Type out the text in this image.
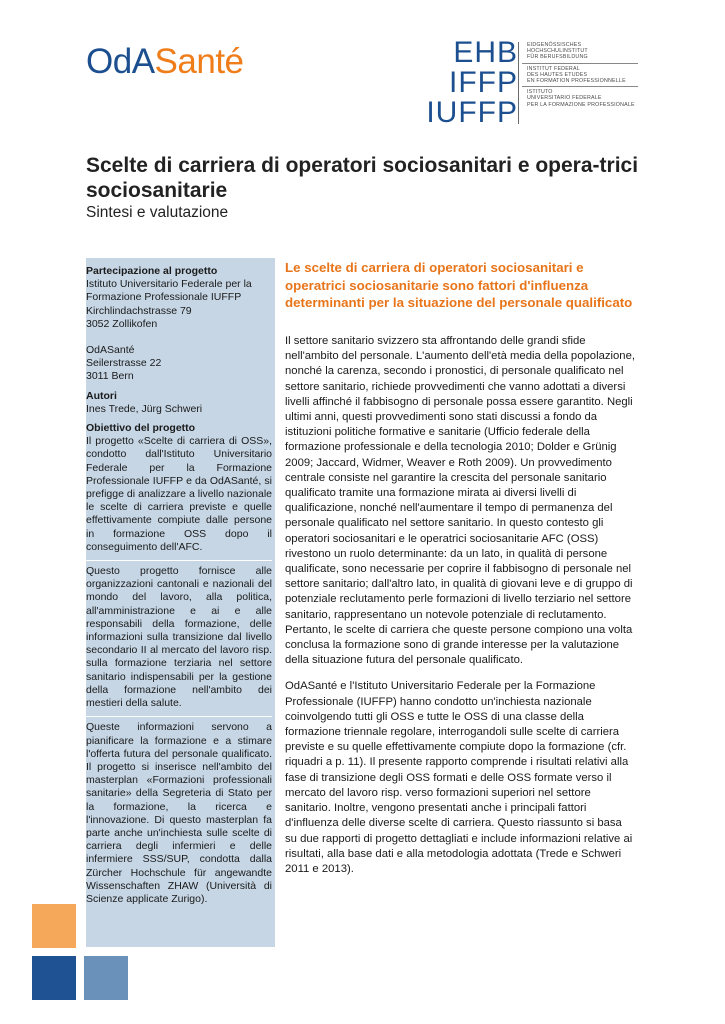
OdASanté	EHB
IFFP
IUFFP
EIDGENÖSSISCHES
HOCHSCHULINSTITUT
FÜR BERUFSBILDUNG
INSTITUT FEDERAL
DES HAUTES ETUDES
EN FORMATION PROFESSIONNELLE
ISTITUTO
UNIVERSITARIO FEDERALE
PER LA FORMAZIONE PROFESSIONALE
Scelte di carriera di operatori sociosanitari e opera-trici sociosanitarie
Sintesi e valutazione

Partecipazione al progetto

Istituto Universitario Federale per la

Formazione Professionale IUFFP

Kirchlindachstrasse 79

3052 Zollikofen

OdASanté

Seilerstrasse 22

3011 Bern

Autori

Ines Trede, Jürg Schweri

Obiettivo del progetto

Il progetto «Scelte di carriera di OSS», condotto dall'Istituto Universitario Federale per la Formazione Professionale IUFFP e da OdASanté, si prefigge di analizzare a livello nazionale le scelte di carriera previste e quelle effettivamente compiute dalle persone in formazione OSS dopo il conseguimento dell'AFC.

Questo progetto fornisce alle organizzazioni cantonali e nazionali del mondo del lavoro, alla politica, all'amministrazione e ai e alle responsabili della formazione, delle informazioni sulla transizione dal livello secondario II al mercato del lavoro risp. sulla formazione terziaria nel settore sanitario indispensabili per la gestione della formazione nell'ambito dei mestieri della salute.

Queste informazioni servono a pianificare la formazione e a stimare l'offerta futura del personale qualificato. Il progetto si inserisce nell'ambito del masterplan «Formazioni professionali sanitarie» della Segreteria di Stato per la formazione, la ricerca e l'innovazione. Di questo masterplan fa parte anche un'inchiesta sulle scelte di carriera degli infermieri e delle infermiere SSS/SUP, condotta dalla Zürcher Hochschule für angewandte Wissenschaften ZHAW (Università di Scienze applicate Zurigo).

Le scelte di carriera di operatori sociosanitari e operatrici sociosanitarie sono fattori d'influenza determinanti per la situazione del personale qualificato

Il settore sanitario svizzero sta affrontando delle grandi sfide nell'ambito del personale. L'aumento dell'età media della popolazione, nonché la carenza, secondo i pronostici, di personale qualificato nel settore sanitario, richiede provvedimenti che vanno adottati a diversi livelli affinché il fabbisogno di personale possa essere garantito. Negli ultimi anni, questi provvedimenti sono stati discussi a fondo da istituzioni politiche formative e sanitarie (Ufficio federale della formazione professionale e della tecnologia 2010; Dolder e Grünig 2009; Jaccard, Widmer, Weaver e Roth 2009). Un provvedimento centrale consiste nel garantire la crescita del personale sanitario qualificato tramite una formazione mirata ai diversi livelli di qualificazione, nonché nell'aumentare il tempo di permanenza del personale qualificato nel settore sanitario. In questo contesto gli operatori sociosanitari e le operatrici sociosanitarie AFC (OSS) rivestono un ruolo determinante: da un lato, in qualità di persone qualificate, sono necessarie per coprire il fabbisogno di personale nel settore sanitario; dall'altro lato, in qualità di giovani leve e di gruppo di potenziale reclutamento perle formazioni di livello terziario nel settore sanitario, rappresentano un notevole potenziale di reclutamento. Pertanto, le scelte di carriera che queste persone compiono una volta conclusa la formazione sono di grande interesse per la valutazione della situazione futura del personale qualificato.

OdASanté e l'Istituto Universitario Federale per la Formazione Professionale (IUFFP) hanno condotto un'inchiesta nazionale coinvolgendo tutti gli OSS e tutte le OSS di una classe della formazione triennale regolare, interrogandoli sulle scelte di carriera previste e su quelle effettivamente compiute dopo la formazione (cfr. riquadri a p. 11). Il presente rapporto comprende i risultati relativi alla fase di transizione degli OSS formati e delle OSS formate verso il mercato del lavoro risp. verso formazioni superiori nel settore sanitario. Inoltre, vengono presentati anche i principali fattori d'influenza delle diverse scelte di carriera. Questo riassunto si basa su due rapporti di progetto dettagliati e include informazioni relative ai risultati, alla base dati e alla metodologia adottata (Trede e Schweri 2011 e 2013).
